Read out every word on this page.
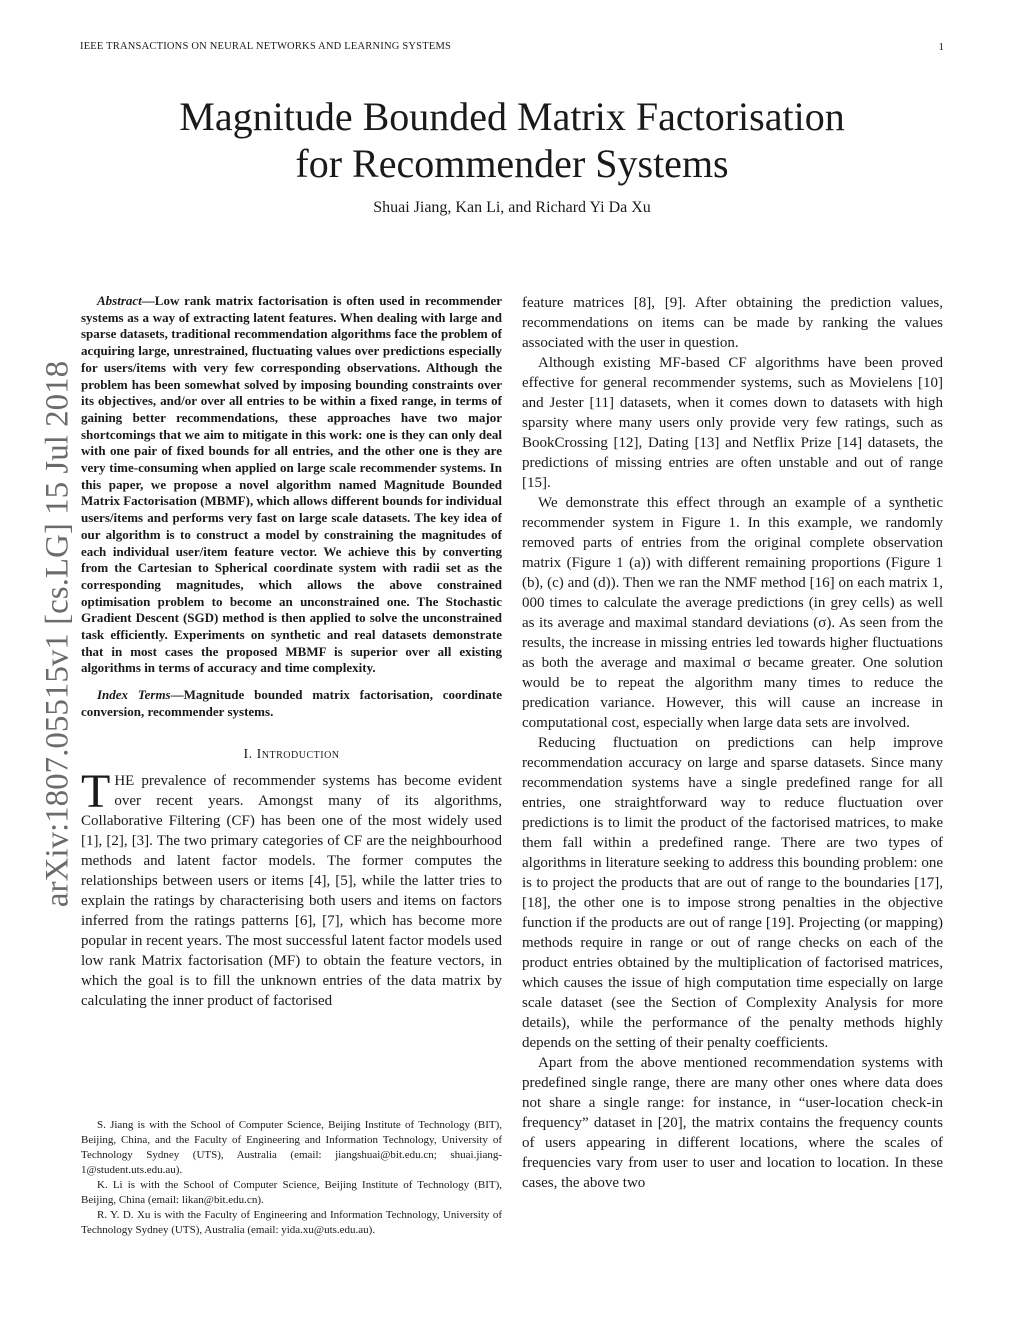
IEEE TRANSACTIONS ON NEURAL NETWORKS AND LEARNING SYSTEMS	1
arXiv:1807.05515v1 [cs.LG] 15 Jul 2018
Magnitude Bounded Matrix Factorisation
for Recommender Systems
Shuai Jiang, Kan Li, and Richard Yi Da Xu

Abstract—Low rank matrix factorisation is often used in recommender systems as a way of extracting latent features. When dealing with large and sparse datasets, traditional recommendation algorithms face the problem of acquiring large, unrestrained, fluctuating values over predictions especially for users/items with very few corresponding observations. Although the problem has been somewhat solved by imposing bounding constraints over its objectives, and/or over all entries to be within a fixed range, in terms of gaining better recommendations, these approaches have two major shortcomings that we aim to mitigate in this work: one is they can only deal with one pair of fixed bounds for all entries, and the other one is they are very time-consuming when applied on large scale recommender systems. In this paper, we propose a novel algorithm named Magnitude Bounded Matrix Factorisation (MBMF), which allows different bounds for individual users/items and performs very fast on large scale datasets. The key idea of our algorithm is to construct a model by constraining the magnitudes of each individual user/item feature vector. We achieve this by converting from the Cartesian to Spherical coordinate system with radii set as the corresponding magnitudes, which allows the above constrained optimisation problem to become an unconstrained one. The Stochastic Gradient Descent (SGD) method is then applied to solve the unconstrained task efficiently. Experiments on synthetic and real datasets demonstrate that in most cases the proposed MBMF is superior over all existing algorithms in terms of accuracy and time complexity.

Index Terms—Magnitude bounded matrix factorisation, coordinate conversion, recommender systems.

I. Introduction

THE prevalence of recommender systems has become evident over recent years. Amongst many of its algorithms, Collaborative Filtering (CF) has been one of the most widely used [1], [2], [3]. The two primary categories of CF are the neighbourhood methods and latent factor models. The former computes the relationships between users or items [4], [5], while the latter tries to explain the ratings by characterising both users and items on factors inferred from the ratings patterns [6], [7], which has become more popular in recent years. The most successful latent factor models used low rank Matrix factorisation (MF) to obtain the feature vectors, in which the goal is to fill the unknown entries of the data matrix by calculating the inner product of factorised

S. Jiang is with the School of Computer Science, Beijing Institute of Technology (BIT), Beijing, China, and the Faculty of Engineering and Information Technology, University of Technology Sydney (UTS), Australia (email: jiangshuai@bit.edu.cn; shuai.jiang-1@student.uts.edu.au).

K. Li is with the School of Computer Science, Beijing Institute of Technology (BIT), Beijing, China (email: likan@bit.edu.cn).

R. Y. D. Xu is with the Faculty of Engineering and Information Technology, University of Technology Sydney (UTS), Australia (email: yida.xu@uts.edu.au).

feature matrices [8], [9]. After obtaining the prediction values, recommendations on items can be made by ranking the values associated with the user in question.

Although existing MF-based CF algorithms have been proved effective for general recommender systems, such as Movielens [10] and Jester [11] datasets, when it comes down to datasets with high sparsity where many users only provide very few ratings, such as BookCrossing [12], Dating [13] and Netflix Prize [14] datasets, the predictions of missing entries are often unstable and out of range [15].

We demonstrate this effect through an example of a synthetic recommender system in Figure 1. In this example, we randomly removed parts of entries from the original complete observation matrix (Figure 1 (a)) with different remaining proportions (Figure 1 (b), (c) and (d)). Then we ran the NMF method [16] on each matrix 1, 000 times to calculate the average predictions (in grey cells) as well as its average and maximal standard deviations (σ). As seen from the results, the increase in missing entries led towards higher fluctuations as both the average and maximal σ became greater. One solution would be to repeat the algorithm many times to reduce the predication variance. However, this will cause an increase in computational cost, especially when large data sets are involved.

Reducing fluctuation on predictions can help improve recommendation accuracy on large and sparse datasets. Since many recommendation systems have a single predefined range for all entries, one straightforward way to reduce fluctuation over predictions is to limit the product of the factorised matrices, to make them fall within a predefined range. There are two types of algorithms in literature seeking to address this bounding problem: one is to project the products that are out of range to the boundaries [17], [18], the other one is to impose strong penalties in the objective function if the products are out of range [19]. Projecting (or mapping) methods require in range or out of range checks on each of the product entries obtained by the multiplication of factorised matrices, which causes the issue of high computation time especially on large scale dataset (see the Section of Complexity Analysis for more details), while the performance of the penalty methods highly depends on the setting of their penalty coefficients.

Apart from the above mentioned recommendation systems with predefined single range, there are many other ones where data does not share a single range: for instance, in “user-location check-in frequency” dataset in [20], the matrix contains the frequency counts of users appearing in different locations, where the scales of frequencies vary from user to user and location to location. In these cases, the above two
